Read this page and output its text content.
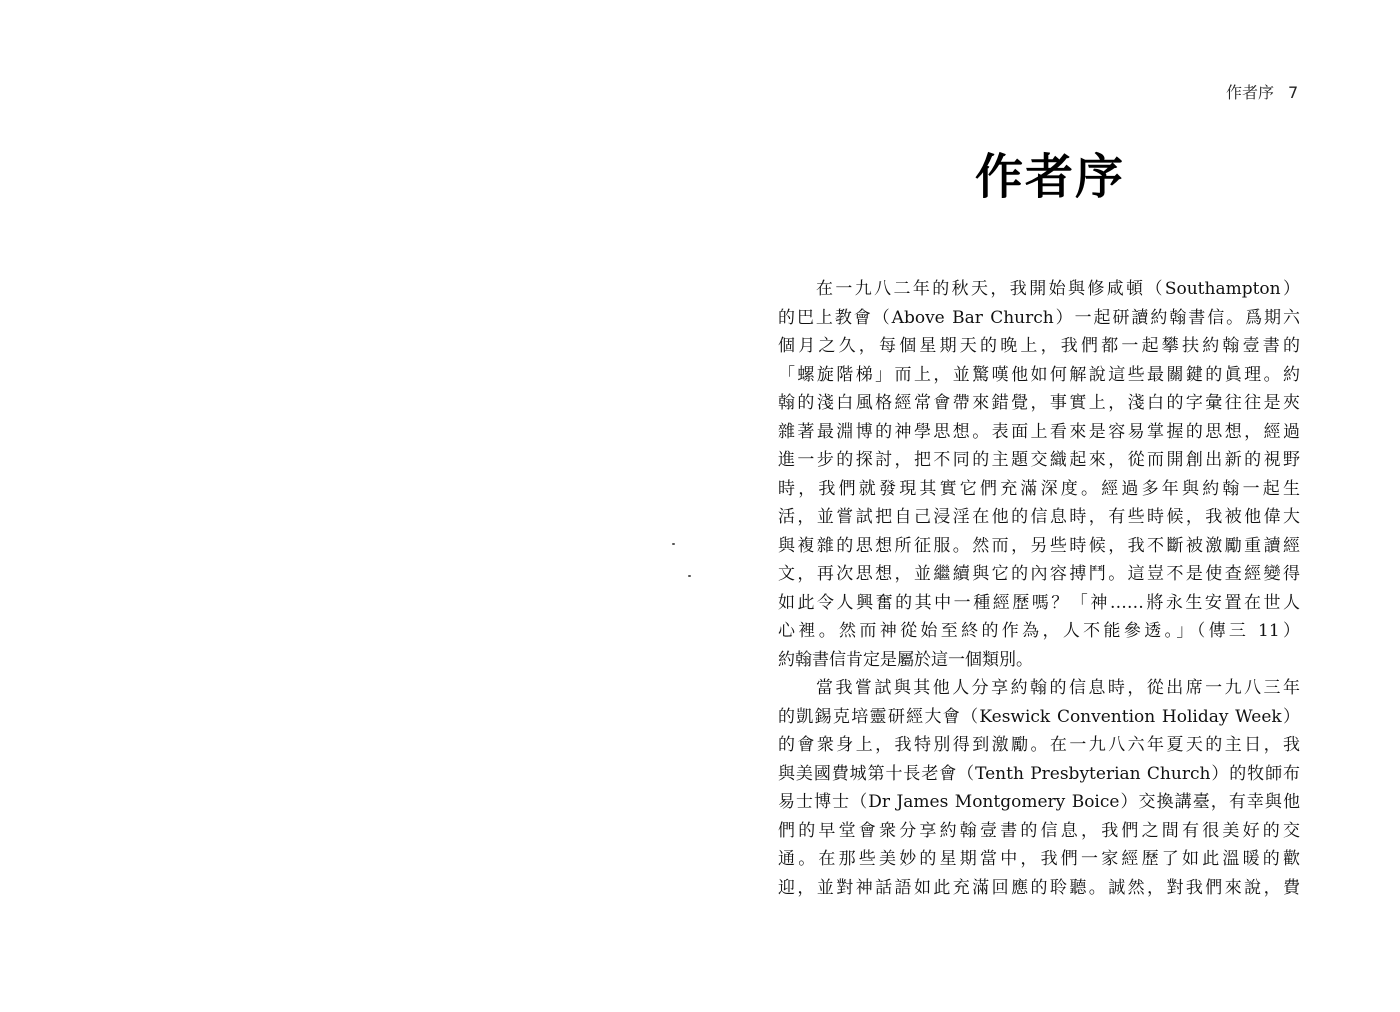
作者序 7
作者序
在一九八二年的秋天，我開始與修咸頓（Southampton）
的巴上教會（Above Bar Church）一起研讀約翰書信。爲期六
個月之久，每個星期天的晚上，我們都一起攀扶約翰壹書的
「螺旋階梯」而上，並驚嘆他如何解說這些最關鍵的眞理。約
翰的淺白風格經常會帶來錯覺，事實上，淺白的字彙往往是夾
雜著最淵博的神學思想。表面上看來是容易掌握的思想，經過
進一步的探討，把不同的主題交織起來，從而開創出新的視野
時，我們就發現其實它們充滿深度。經過多年與約翰一起生
活，並嘗試把自己浸淫在他的信息時，有些時候，我被他偉大
與複雜的思想所征服。然而，另些時候，我不斷被激勵重讀經
文，再次思想，並繼續與它的內容搏鬥。這豈不是使查經變得
如此令人興奮的其中一種經歷嗎？「神……將永生安置在世人
心裡。然而神從始至終的作為，人不能參透。」（傳三 11）
約翰書信肯定是屬於這一個類別。
當我嘗試與其他人分享約翰的信息時，從出席一九八三年
的凱錫克培靈研經大會（Keswick Convention Holiday Week）
的會衆身上，我特別得到激勵。在一九八六年夏天的主日，我
與美國費城第十長老會（Tenth Presbyterian Church）的牧師布
易士博士（Dr James Montgomery Boice）交換講臺，有幸與他
們的早堂會衆分享約翰壹書的信息，我們之間有很美好的交
通。在那些美妙的星期當中，我們一家經歷了如此溫暖的歡
迎，並對神話語如此充滿回應的聆聽。誠然，對我們來說，費
